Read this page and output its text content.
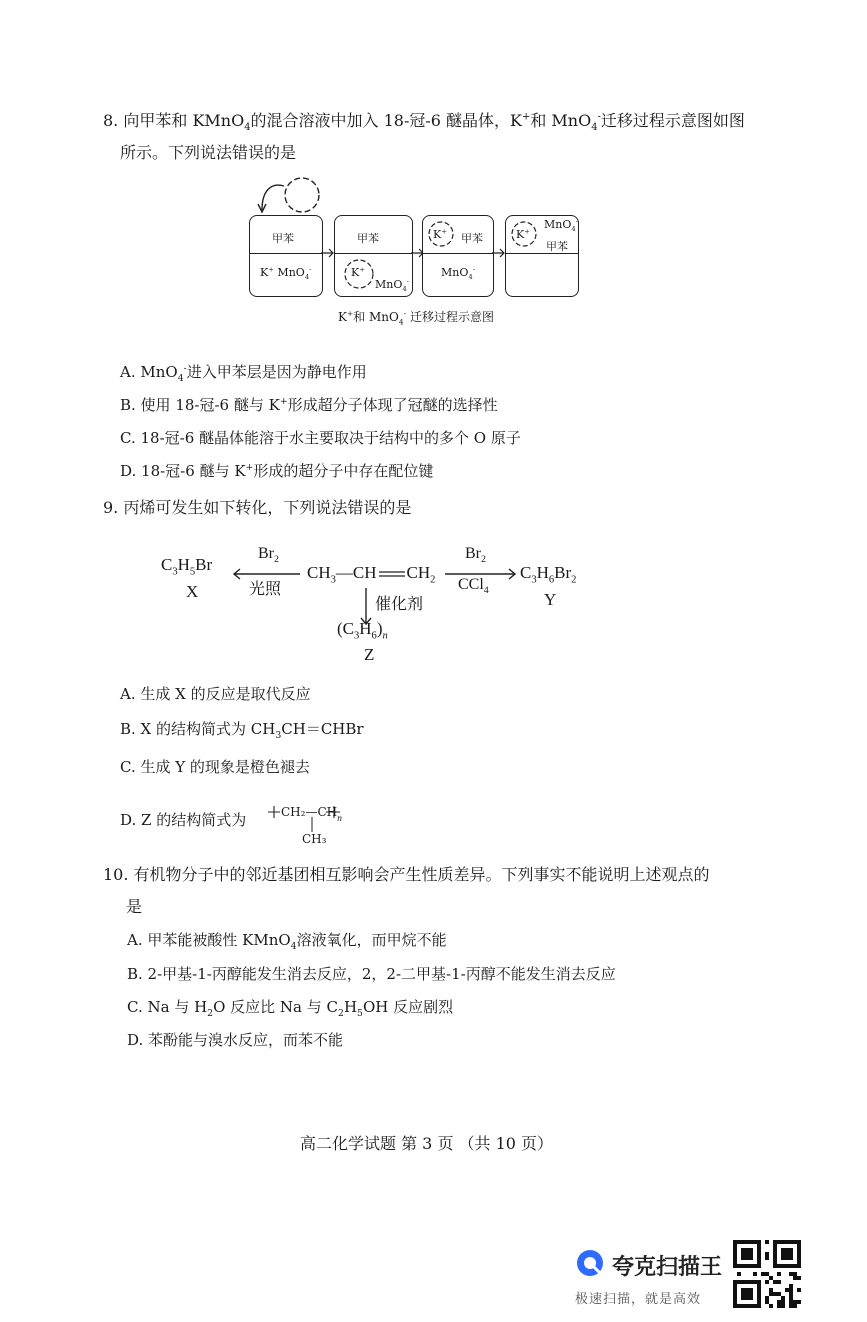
8. 向甲苯和 KMnO$_4$的混合溶液中加入 18-冠-6 醚晶体，K+和 MnO$_4$-迁移过程示意图如图
所示。下列说法错误的是
甲苯
K+ MnO$_4$-
甲苯
K+
MnO$_4$-
K+
甲苯
MnO$_4$-
K+
MnO$_4$-
甲苯
K+和 MnO$_4$- 迁移过程示意图
A. MnO$_4$-进入甲苯层是因为静电作用
B. 使用 18-冠-6 醚与 K+形成超分子体现了冠醚的选择性
C. 18-冠-6 醚晶体能溶于水主要取决于结构中的多个 O 原子
D. 18-冠-6 醚与 K+形成的超分子中存在配位键
9. 丙烯可发生如下转化，下列说法错误的是
$C_3H_5Br$
X
$Br_2$
光照
$CH_3—CH$ $CH_2$
$Br_2$
CCl$_4$
$C_3H_6Br_2$
Y
催化剂
$(C_3H_6)_n$
Z
A. 生成 X 的反应是取代反应
B. X 的结构简式为 $CH_3CH=CHBr$
C. 生成 Y 的现象是橙色褪去
D. Z 的结构简式为	CH₂—CH n
CH₃
10. 有机物分子中的邻近基团相互影响会产生性质差异。下列事实不能说明上述观点的
是
A. 甲苯能被酸性 KMnO$_4$溶液氧化，而甲烷不能
B. 2-甲基-1-丙醇能发生消去反应，2，2-二甲基-1-丙醇不能发生消去反应
C. Na 与 $H_2O$ 反应比 Na 与 $C_2H_5OH$ 反应剧烈
D. 苯酚能与溴水反应，而苯不能
高二化学试题 第 3 页 （共 10 页）
夸克扫描王
极速扫描，就是高效
